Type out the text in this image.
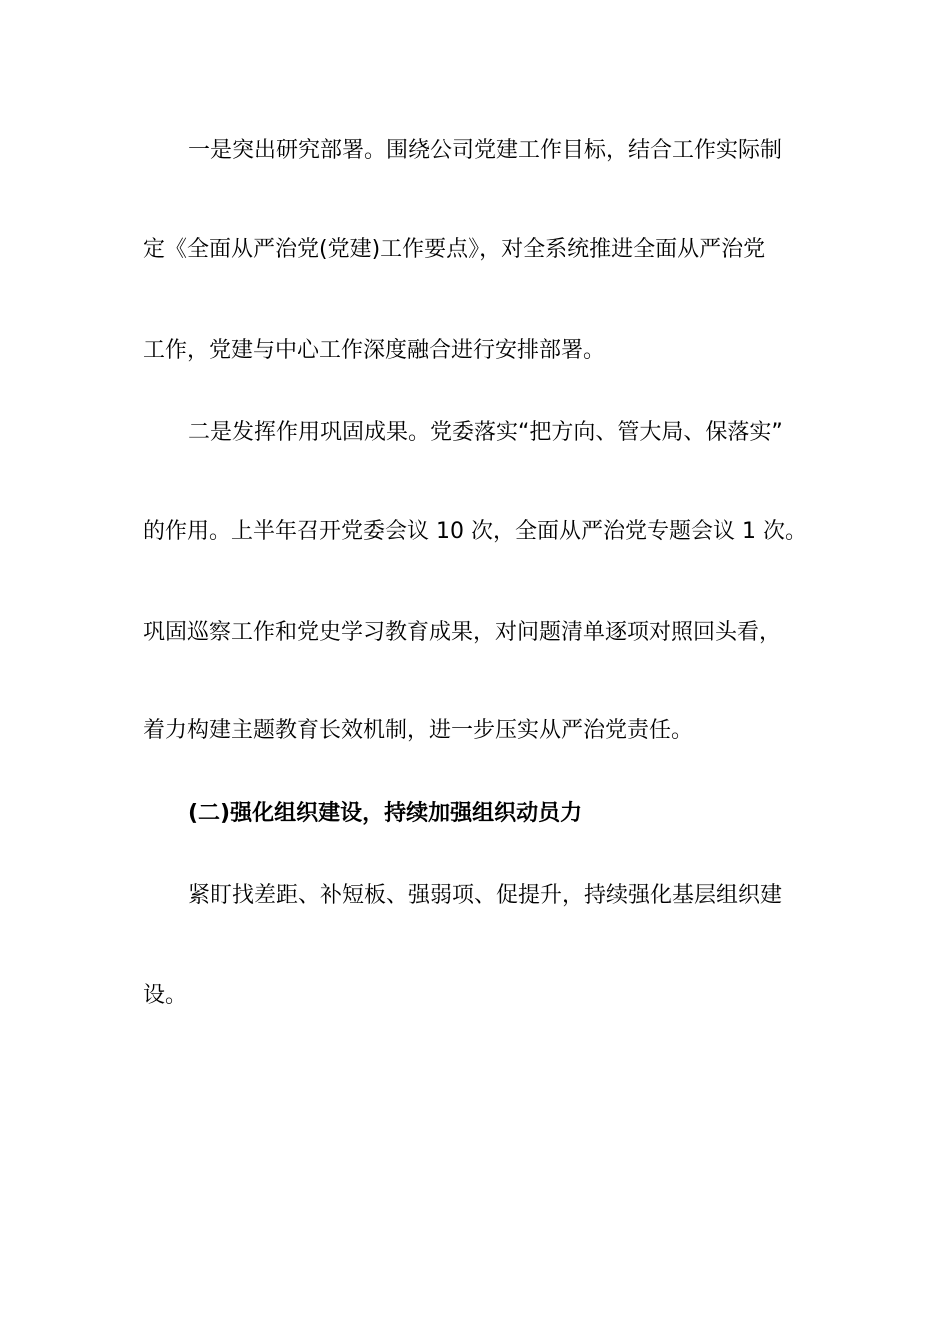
一是突出研究部署。围绕公司党建工作目标，结合工作实际制
定《全面从严治党(党建)工作要点》，对全系统推进全面从严治党
工作，党建与中心工作深度融合进行安排部署。
二是发挥作用巩固成果。党委落实“把方向、管大局、保落实”
的作用。上半年召开党委会议 10 次，全面从严治党专题会议 1 次。
巩固巡察工作和党史学习教育成果，对问题清单逐项对照回头看，
着力构建主题教育长效机制，进一步压实从严治党责任。
(二)强化组织建设，持续加强组织动员力
紧盯找差距、补短板、强弱项、促提升，持续强化基层组织建
设。
